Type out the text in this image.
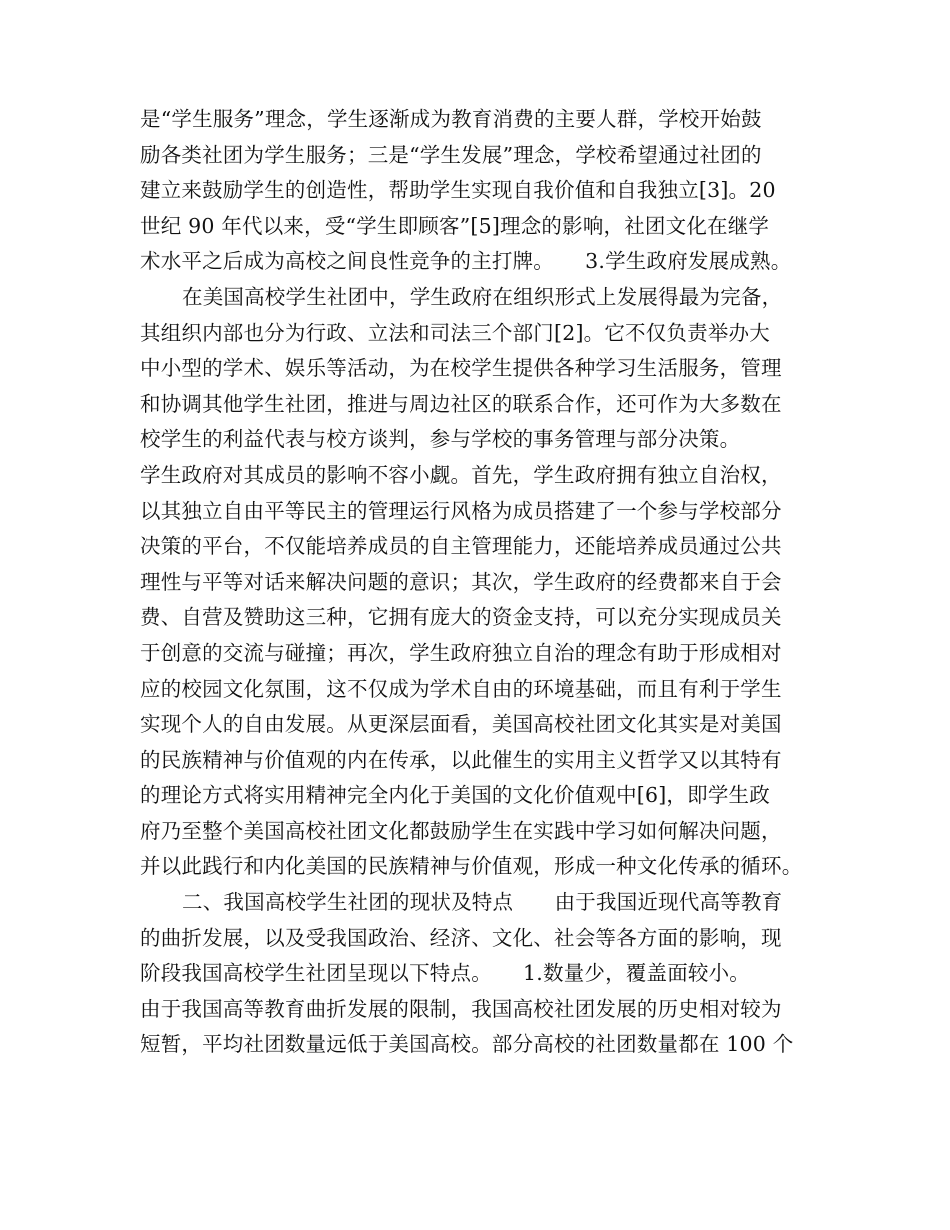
是“学生服务”理念，学生逐渐成为教育消费的主要人群，学校开始鼓
励各类社团为学生服务；三是“学生发展”理念，学校希望通过社团的
建立来鼓励学生的创造性，帮助学生实现自我价值和自我独立[3]。20
世纪 90 年代以来，受“学生即顾客”[5]理念的影响，社团文化在继学
术水平之后成为高校之间良性竞争的主打牌。　　3.学生政府发展成熟。
在美国高校学生社团中，学生政府在组织形式上发展得最为完备，
其组织内部也分为行政、立法和司法三个部门[2]。它不仅负责举办大
中小型的学术、娱乐等活动，为在校学生提供各种学习生活服务，管理
和协调其他学生社团，推进与周边社区的联系合作，还可作为大多数在
校学生的利益代表与校方谈判，参与学校的事务管理与部分决策。
学生政府对其成员的影响不容小觑。首先，学生政府拥有独立自治权，
以其独立自由平等民主的管理运行风格为成员搭建了一个参与学校部分
决策的平台，不仅能培养成员的自主管理能力，还能培养成员通过公共
理性与平等对话来解决问题的意识；其次，学生政府的经费都来自于会
费、自营及赞助这三种，它拥有庞大的资金支持，可以充分实现成员关
于创意的交流与碰撞；再次，学生政府独立自治的理念有助于形成相对
应的校园文化氛围，这不仅成为学术自由的环境基础，而且有利于学生
实现个人的自由发展。从更深层面看，美国高校社团文化其实是对美国
的民族精神与价值观的内在传承，以此催生的实用主义哲学又以其特有
的理论方式将实用精神完全内化于美国的文化价值观中[6]，即学生政
府乃至整个美国高校社团文化都鼓励学生在实践中学习如何解决问题，
并以此践行和内化美国的民族精神与价值观，形成一种文化传承的循环。
二、我国高校学生社团的现状及特点　　由于我国近现代高等教育
的曲折发展，以及受我国政治、经济、文化、社会等各方面的影响，现
阶段我国高校学生社团呈现以下特点。　　1.数量少，覆盖面较小。
由于我国高等教育曲折发展的限制，我国高校社团发展的历史相对较为
短暂，平均社团数量远低于美国高校。部分高校的社团数量都在 100 个
